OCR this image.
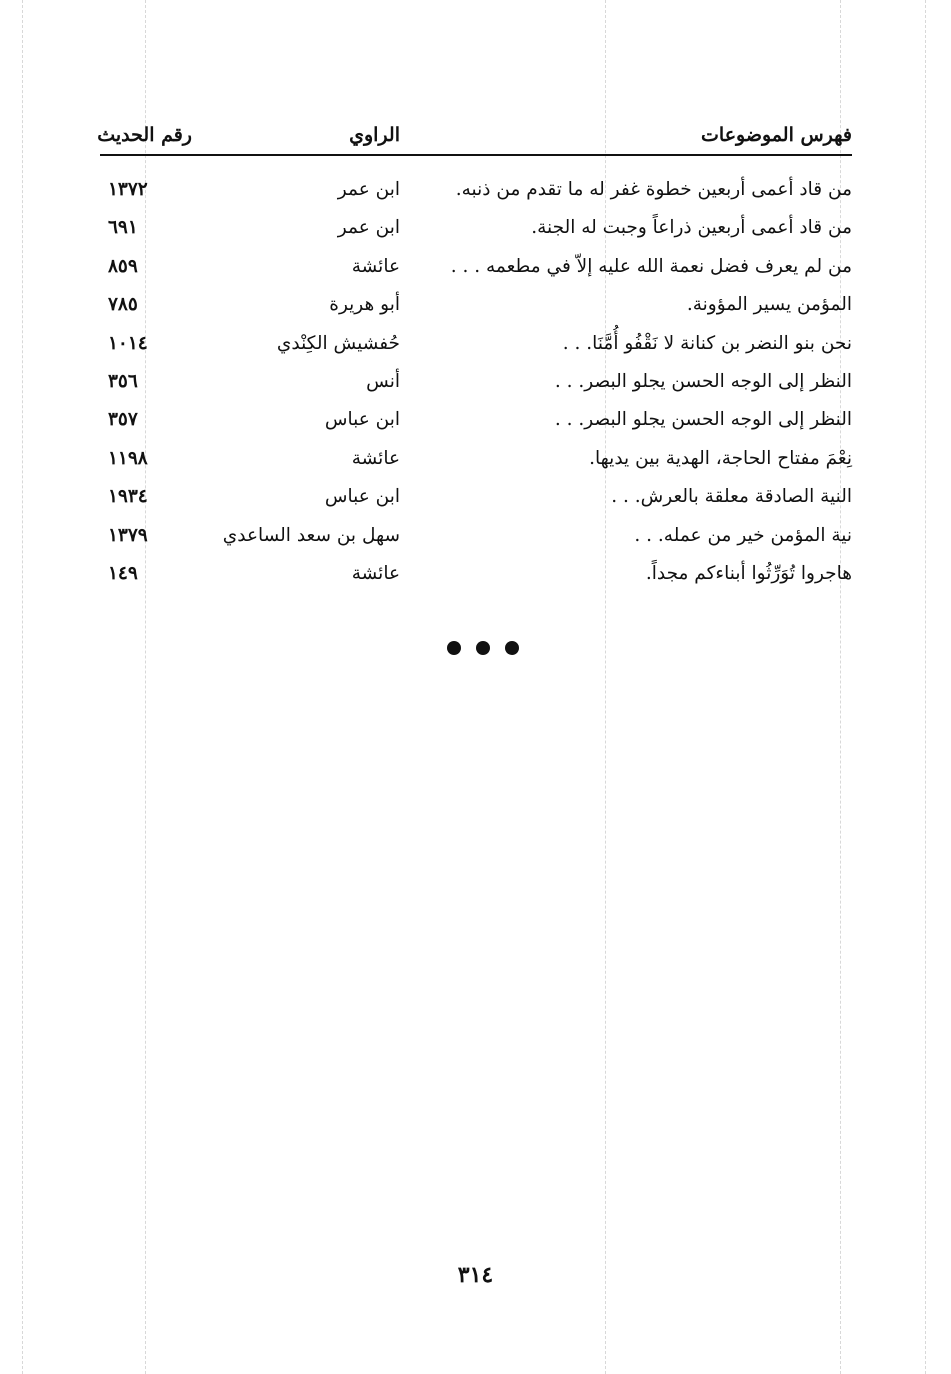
فهرس الموضوعات
الراوي
رقم الحديث
من قاد أعمى أربعين خطوة غفر له ما تقدم من ذنبه.
ابن عمر
١٣٧٢
من قاد أعمى أربعين ذراعاً وجبت له الجنة.
ابن عمر
٦٩١
من لم يعرف فضل نعمة الله عليه إلاّ في مطعمه . . .
عائشة
٨٥٩
المؤمن يسير المؤونة.
أبو هريرة
٧٨٥
نحن بنو النضر بن كنانة لا نَقْفُو أُمَّنَا. . .
حُفشيش الكِنْدي
١٠١٤
النظر إلى الوجه الحسن يجلو البصر. . .
أنس
٣٥٦
النظر إلى الوجه الحسن يجلو البصر. . .
ابن عباس
٣٥٧
نِعْمَ مفتاح الحاجة، الهدية بين يديها.
عائشة
١١٩٨
النية الصادقة معلقة بالعرش. . .
ابن عباس
١٩٣٤
نية المؤمن خير من عمله. . .
سهل بن سعد الساعدي
١٣٧٩
هاجروا تُوَرِّثُوا أبناءكم مجداً.
عائشة
١٤٩
٣١٤
